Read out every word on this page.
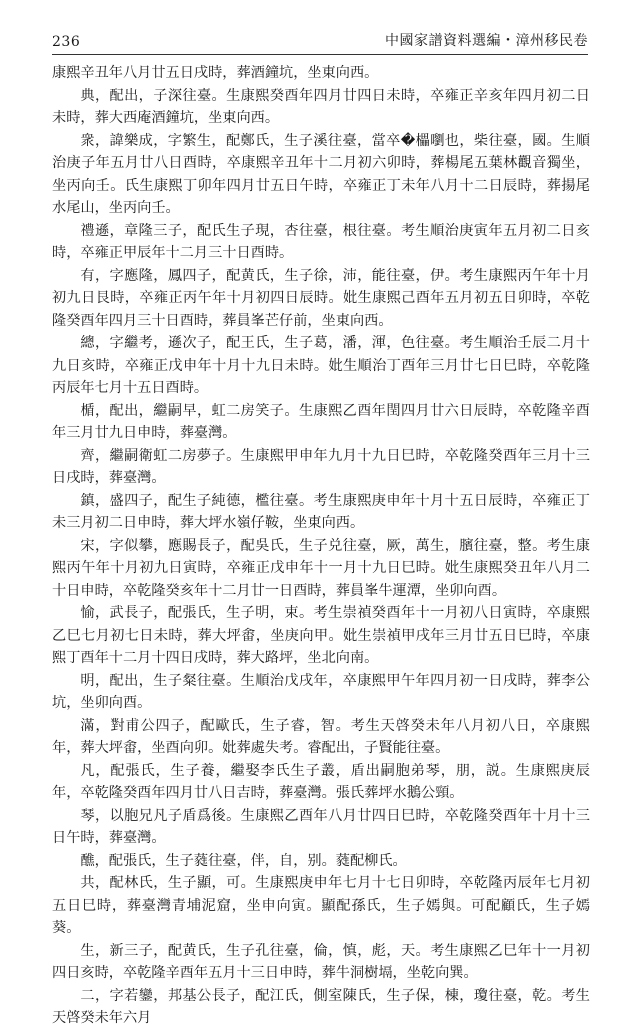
236	中國家譜資料選編・漳州移民卷

康熙辛丑年八月廿五日戌時，葬酒鐘坑，坐東向西。

典，配出，子深往臺。生康熙癸酉年四月廿四日未時，卒雍正辛亥年四月初二日未時，葬大西庵酒鐘坑，坐東向西。

衆，諱樂成，字繁生，配鄭氏，生子溪往臺，當卒�櫑嚠也，柴往臺，國。生順治庚子年五月廿八日酉時，卒康熙辛丑年十二月初六卯時，葬楊尾五葉林觀音獨坐，坐丙向壬。氏生康熙丁卯年四月廿五日午時，卒雍正丁未年八月十二日辰時，葬揚尾水尾山，坐丙向壬。

禮遜，章隆三子，配氏生子現，杏往臺，根往臺。考生順治庚寅年五月初二日亥時，卒雍正甲辰年十二月三十日酉時。

有，字應隆，鳳四子，配黄氏，生子徐，沛，能往臺，伊。考生康熙丙午年十月初九日艮時，卒雍正丙午年十月初四日辰時。妣生康熙己酉年五月初五日卯時，卒乾隆癸酉年四月三十日酉時，葬員峯芒仔前，坐東向西。

總，字繼考，遜次子，配王氏，生子葛，潘，渾，色往臺。考生順治壬辰二月十九日亥時，卒雍正戊申年十月十九日未時。妣生順治丁酉年三月廿七日巳時，卒乾隆丙辰年七月十五日酉時。

楯，配出，繼嗣早，虹二房笑子。生康熙乙酉年閏四月廿六日辰時，卒乾隆辛酉年三月廿九日申時，葬臺灣。

齊，繼嗣衛虹二房夢子。生康熙甲申年九月十九日巳時，卒乾隆癸酉年三月十三日戌時，葬臺灣。

鎮，盛四子，配生子純德，檻往臺。考生康熙庚申年十月十五日辰時，卒雍正丁未三月初二日申時，葬大坪水嶺仔鞍，坐東向西。

宋，字似攀，應賜長子，配吳氏，生子兑往臺，厥，萬生，臏往臺，整。考生康熙丙午年十月初九日寅時，卒雍正戊申年十一月十九日巳時。妣生康熙癸丑年八月二十日申時，卒乾隆癸亥年十二月廿一日酉時，葬員峯牛運潭，坐卯向酉。

愉，武長子，配張氏，生子明，束。考生崇禎癸酉年十一月初八日寅時，卒康熙乙巳七月初七日未時，葬大坪畬，坐庚向甲。妣生崇禎甲戌年三月廿五日巳時，卒康熙丁酉年十二月十四日戌時，葬大路坪，坐北向南。

明，配出，生子粲往臺。生順治戊戌年，卒康熙甲午年四月初一日戌時，葬李公坑，坐卯向酉。

滿，對甫公四子，配歐氏，生子睿，智。考生天啓癸未年八月初八日，卒康熙年，葬大坪畬，坐酉向卯。妣葬處失考。睿配出，子賢能往臺。

凡，配張氏，生子養，繼娶李氏生子叢，盾出嗣胞弟琴，朋，説。生康熙庚辰年，卒乾隆癸酉年四月廿八日吉時，葬臺灣。張氏葬坪水鵝公頸。

琴，以胞兄凡子盾爲後。生康熙乙酉年八月廿四日巳時，卒乾隆癸酉年十月十三日午時，葬臺灣。

醮，配張氏，生子蕤往臺，伴，自，别。蕤配柳氏。

共，配林氏，生子顯，可。生康熙庚申年七月十七日卯時，卒乾隆丙辰年七月初五日巳時，葬臺灣青埔泥窟，坐申向寅。顯配孫氏，生子嫣與。可配顧氏，生子嫣葵。

生，新三子，配黄氏，生子孔往臺，倫，慎，彪，天。考生康熙乙巳年十一月初四日亥時，卒乾隆辛酉年五月十三日申時，葬牛洞樹塥，坐乾向巽。

二，字若鑾，邦基公長子，配江氏，側室陳氏，生子保，棟，瓊往臺，乾。考生天啓癸未年六月
